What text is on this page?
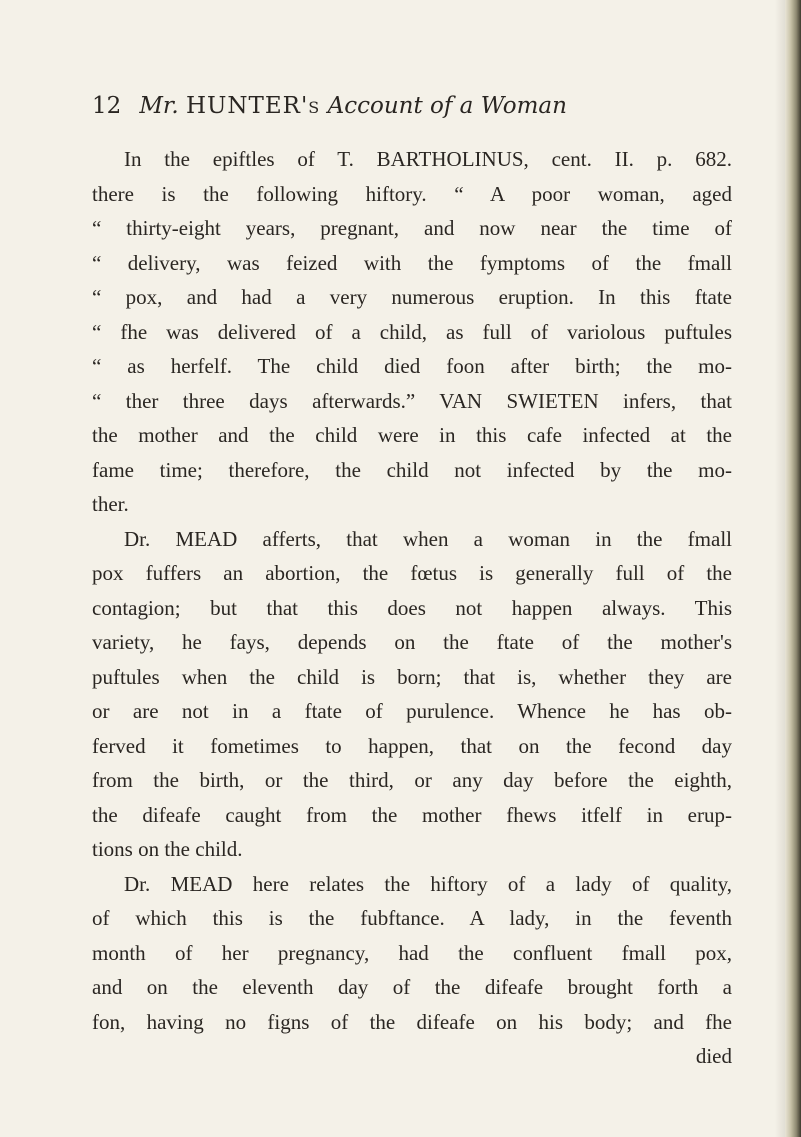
12 Mr. HUNTER's Account of a Woman
In the epiftles of T. BARTHOLINUS, cent. II. p. 682.
there is the following hiftory. “ A poor woman, aged
“ thirty-eight years, pregnant, and now near the time of
“ delivery, was feized with the fymptoms of the fmall
“ pox, and had a very numerous eruption. In this ftate
“ fhe was delivered of a child, as full of variolous puftules
“ as herfelf. The child died foon after birth; the mo-
“ ther three days afterwards.” VAN SWIETEN infers, that
the mother and the child were in this cafe infected at the
fame time; therefore, the child not infected by the mo-
ther.
Dr. MEAD afferts, that when a woman in the fmall
pox fuffers an abortion, the fœtus is generally full of the
contagion; but that this does not happen always. This
variety, he fays, depends on the ftate of the mother's
puftules when the child is born; that is, whether they are
or are not in a ftate of purulence. Whence he has ob-
ferved it fometimes to happen, that on the fecond day
from the birth, or the third, or any day before the eighth,
the difeafe caught from the mother fhews itfelf in erup-
tions on the child.
Dr. MEAD here relates the hiftory of a lady of quality,
of which this is the fubftance. A lady, in the feventh
month of her pregnancy, had the confluent fmall pox,
and on the eleventh day of the difeafe brought forth a
fon, having no figns of the difeafe on his body; and fhe
died
